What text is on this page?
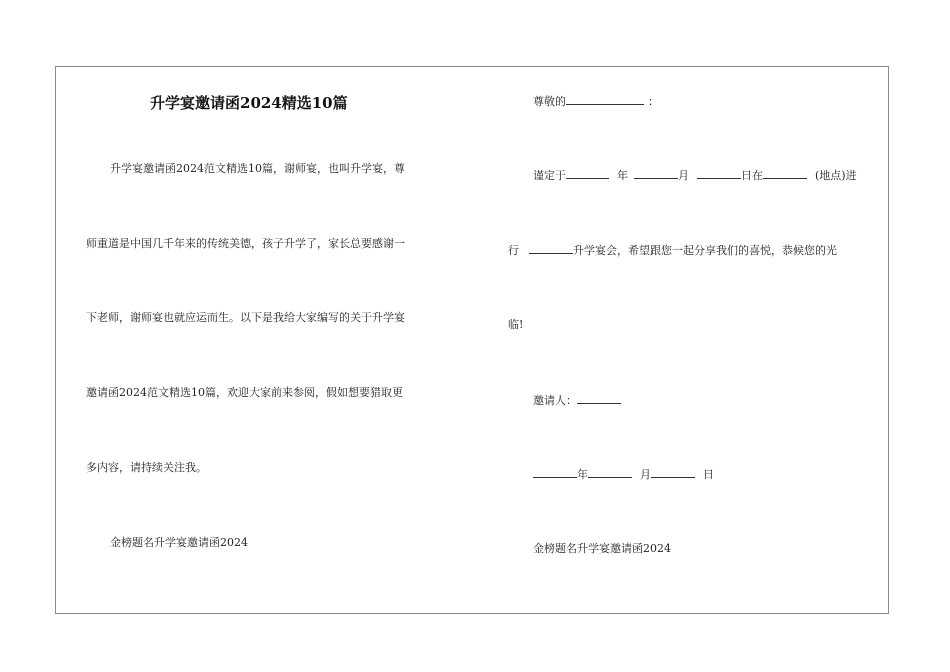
升学宴邀请函2024精选10篇
升学宴邀请函2024范文精选10篇，谢师宴，也叫升学宴，尊
师重道是中国几千年来的传统美德，孩子升学了，家长总要感谢一
下老师，谢师宴也就应运而生。以下是我给大家编写的关于升学宴
邀请函2024范文精选10篇，欢迎大家前来参阅，假如想要猎取更
多内容，请持续关注我。
金榜题名升学宴邀请函2024
尊敬的	：
谨定于	年	月	日在	(地点)进
行	升学宴会，希望跟您一起分享我们的喜悦，恭候您的光
临!
邀请人：
年	月	日
金榜题名升学宴邀请函2024
